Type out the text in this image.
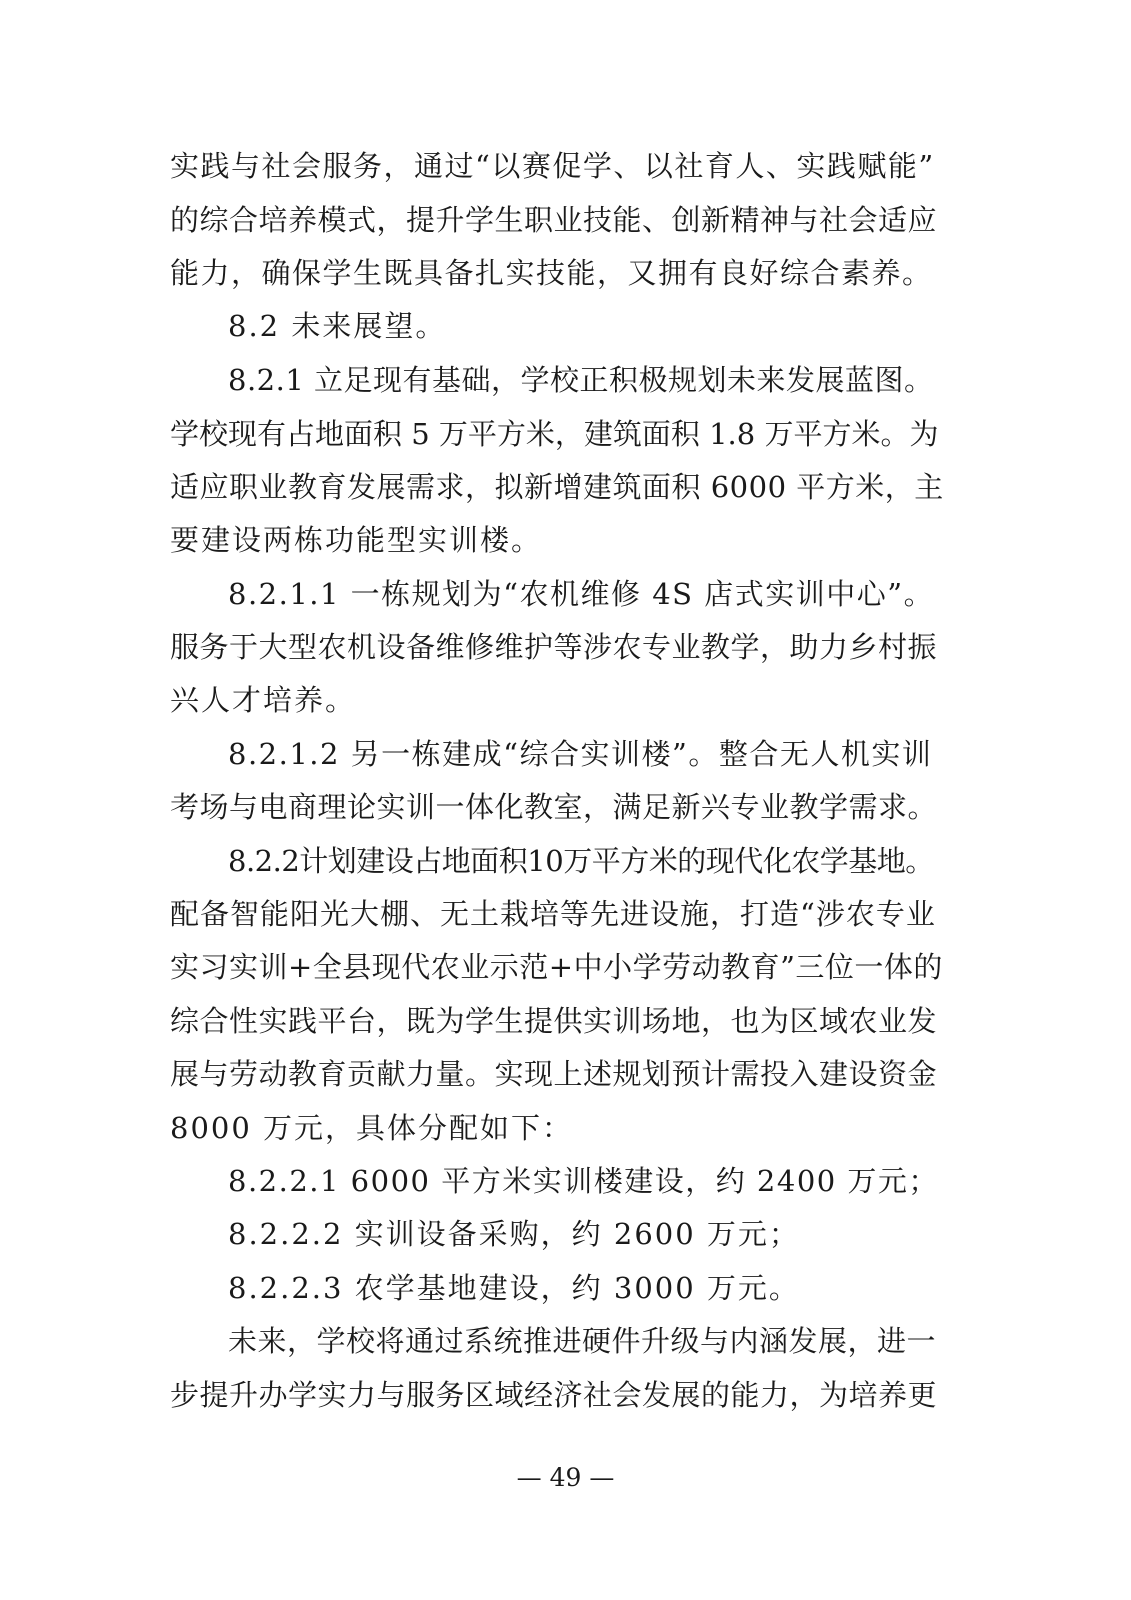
实践与社会服务，通过“以赛促学、以社育人、实践赋能”
的综合培养模式，提升学生职业技能、创新精神与社会适应
能力，确保学生既具备扎实技能，又拥有良好综合素养。
8.2 未来展望。
8.2.1 立足现有基础，学校正积极规划未来发展蓝图。
学校现有占地面积 5 万平方米，建筑面积 1.8 万平方米。为
适应职业教育发展需求，拟新增建筑面积 6000 平方米，主
要建设两栋功能型实训楼。
8.2.1.1 一栋规划为“农机维修 4S 店式实训中心”。
服务于大型农机设备维修维护等涉农专业教学，助力乡村振
兴人才培养。
8.2.1.2 另一栋建成“综合实训楼”。整合无人机实训
考场与电商理论实训一体化教室，满足新兴专业教学需求。
8.2.2计划建设占地面积10万平方米的现代化农学基地。
配备智能阳光大棚、无土栽培等先进设施，打造“涉农专业
实习实训+全县现代农业示范+中小学劳动教育”三位一体的
综合性实践平台，既为学生提供实训场地，也为区域农业发
展与劳动教育贡献力量。实现上述规划预计需投入建设资金
8000 万元，具体分配如下：
8.2.2.1 6000 平方米实训楼建设，约 2400 万元；
8.2.2.2 实训设备采购，约 2600 万元；
8.2.2.3 农学基地建设，约 3000 万元。
未来，学校将通过系统推进硬件升级与内涵发展，进一
步提升办学实力与服务区域经济社会发展的能力，为培养更
— 49 —
